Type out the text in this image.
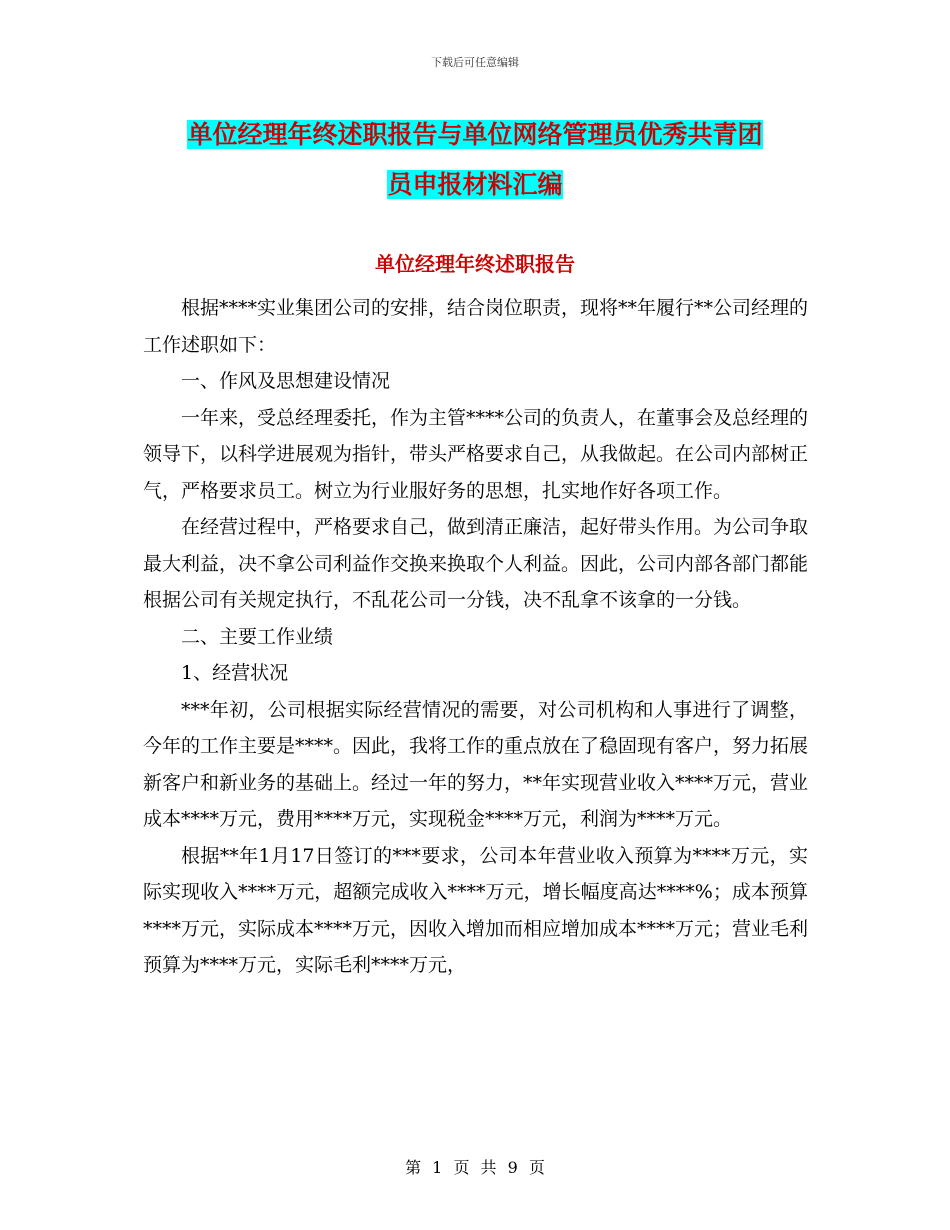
下载后可任意编辑
单位经理年终述职报告与单位网络管理员优秀共青团
员申报材料汇编
单位经理年终述职报告

根据****实业集团公司的安排，结合岗位职责，现将**年履行**公司经理的工作述职如下：

一、作风及思想建设情况

一年来，受总经理委托，作为主管****公司的负责人，在董事会及总经理的领导下，以科学进展观为指针，带头严格要求自己，从我做起。在公司内部树正气，严格要求员工。树立为行业服好务的思想，扎实地作好各项工作。

在经营过程中，严格要求自己，做到清正廉洁，起好带头作用。为公司争取最大利益，决不拿公司利益作交换来换取个人利益。因此，公司内部各部门都能根据公司有关规定执行，不乱花公司一分钱，决不乱拿不该拿的一分钱。

二、主要工作业绩

1、经营状况

***年初，公司根据实际经营情况的需要，对公司机构和人事进行了调整，今年的工作主要是****。因此，我将工作的重点放在了稳固现有客户，努力拓展新客户和新业务的基础上。经过一年的努力，**年实现营业收入****万元，营业成本****万元，费用****万元，实现税金****万元，利润为****万元。

根据**年1月17日签订的***要求，公司本年营业收入预算为****万元，实际实现收入****万元，超额完成收入****万元，增长幅度高达****%；成本预算****万元，实际成本****万元，因收入增加而相应增加成本****万元；营业毛利预算为****万元，实际毛利****万元，

第 1 页 共 9 页
